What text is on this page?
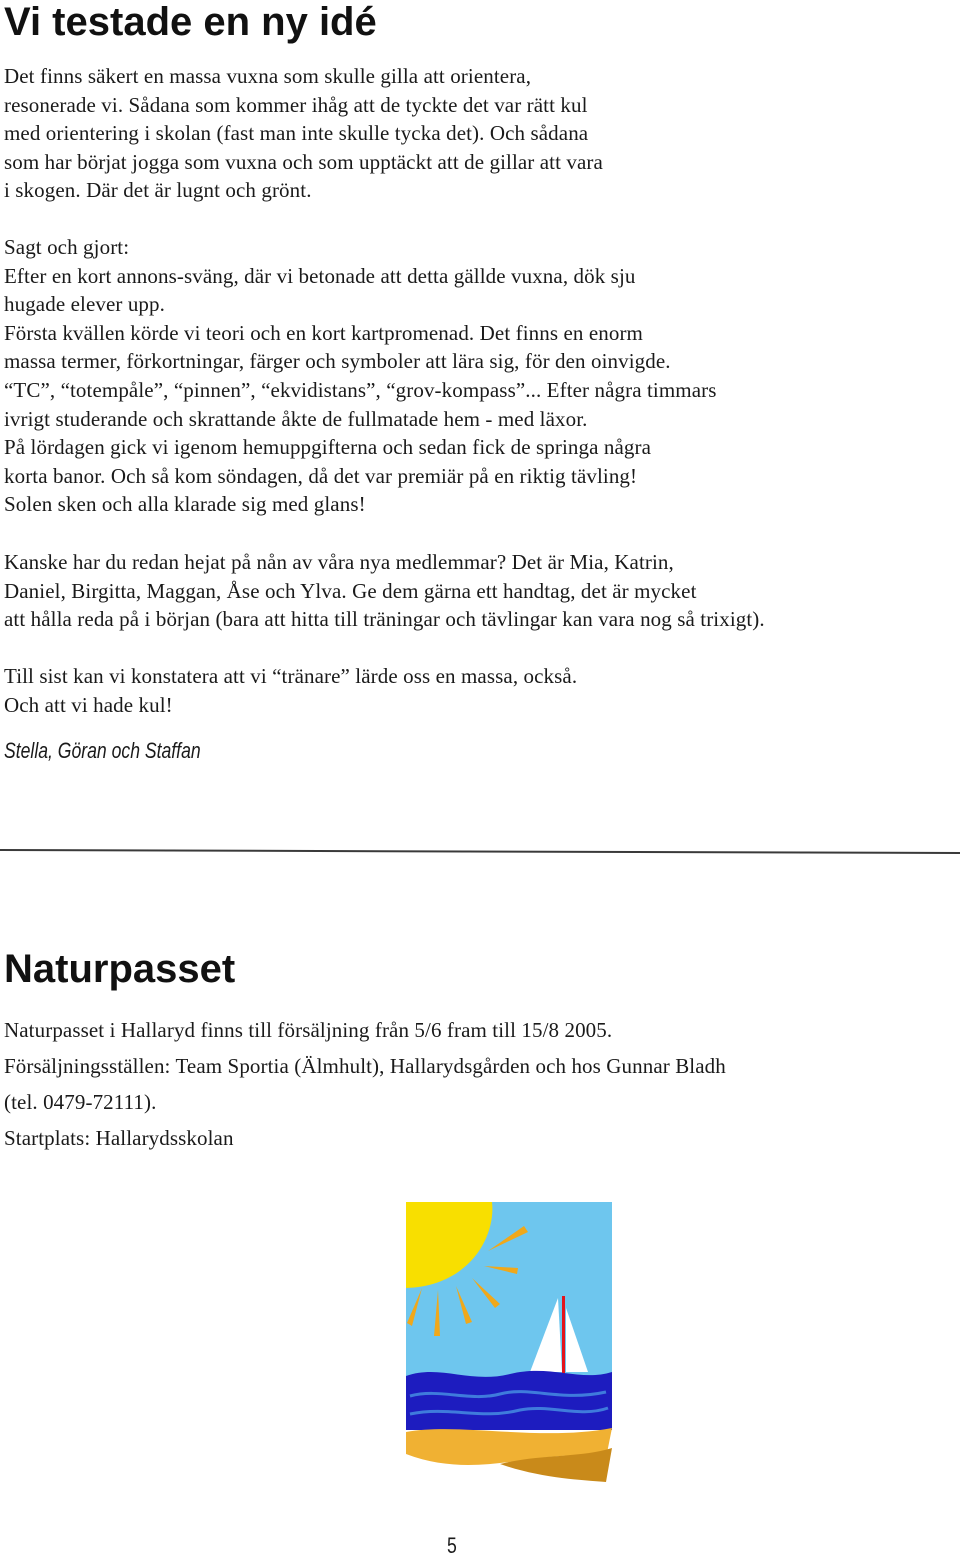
Vi testade en ny idé
Det finns säkert en massa vuxna som skulle gilla att orientera,
resonerade vi. Sådana som kommer ihåg att de tyckte det var rätt kul
med orientering i skolan (fast man inte skulle tycka det). Och sådana
som har börjat jogga som vuxna och som upptäckt att de gillar att vara
i skogen. Där det är lugnt och grönt.
Sagt och gjort:
Efter en kort annons-sväng, där vi betonade att detta gällde vuxna, dök sju
hugade elever upp.
Första kvällen körde vi teori och en kort kartpromenad. Det finns en enorm
massa termer, förkortningar, färger och symboler att lära sig, för den oinvigde.
“TC”, “totempåle”, “pinnen”, “ekvidistans”, “grov-kompass”... Efter några timmars
ivrigt studerande och skrattande åkte de fullmatade hem - med läxor.
På lördagen gick vi igenom hemuppgifterna och sedan fick de springa några
korta banor. Och så kom söndagen, då det var premiär på en riktig tävling!
Solen sken och alla klarade sig med glans!
Kanske har du redan hejat på nån av våra nya medlemmar? Det är Mia, Katrin,
Daniel, Birgitta, Maggan, Åse och Ylva. Ge dem gärna ett handtag, det är mycket
att hålla reda på i början (bara att hitta till träningar och tävlingar kan vara nog så trixigt).
Till sist kan vi konstatera att vi “tränare” lärde oss en massa, också.
Och att vi hade kul!

Stella, Göran och Staffan

Naturpasset
Naturpasset i Hallaryd finns till försäljning från 5/6 fram till 15/8 2005.
Försäljningsställen: Team Sportia (Älmhult), Hallarydsgården och hos Gunnar Bladh
(tel. 0479-72111).
Startplats: Hallarydsskolan

5
